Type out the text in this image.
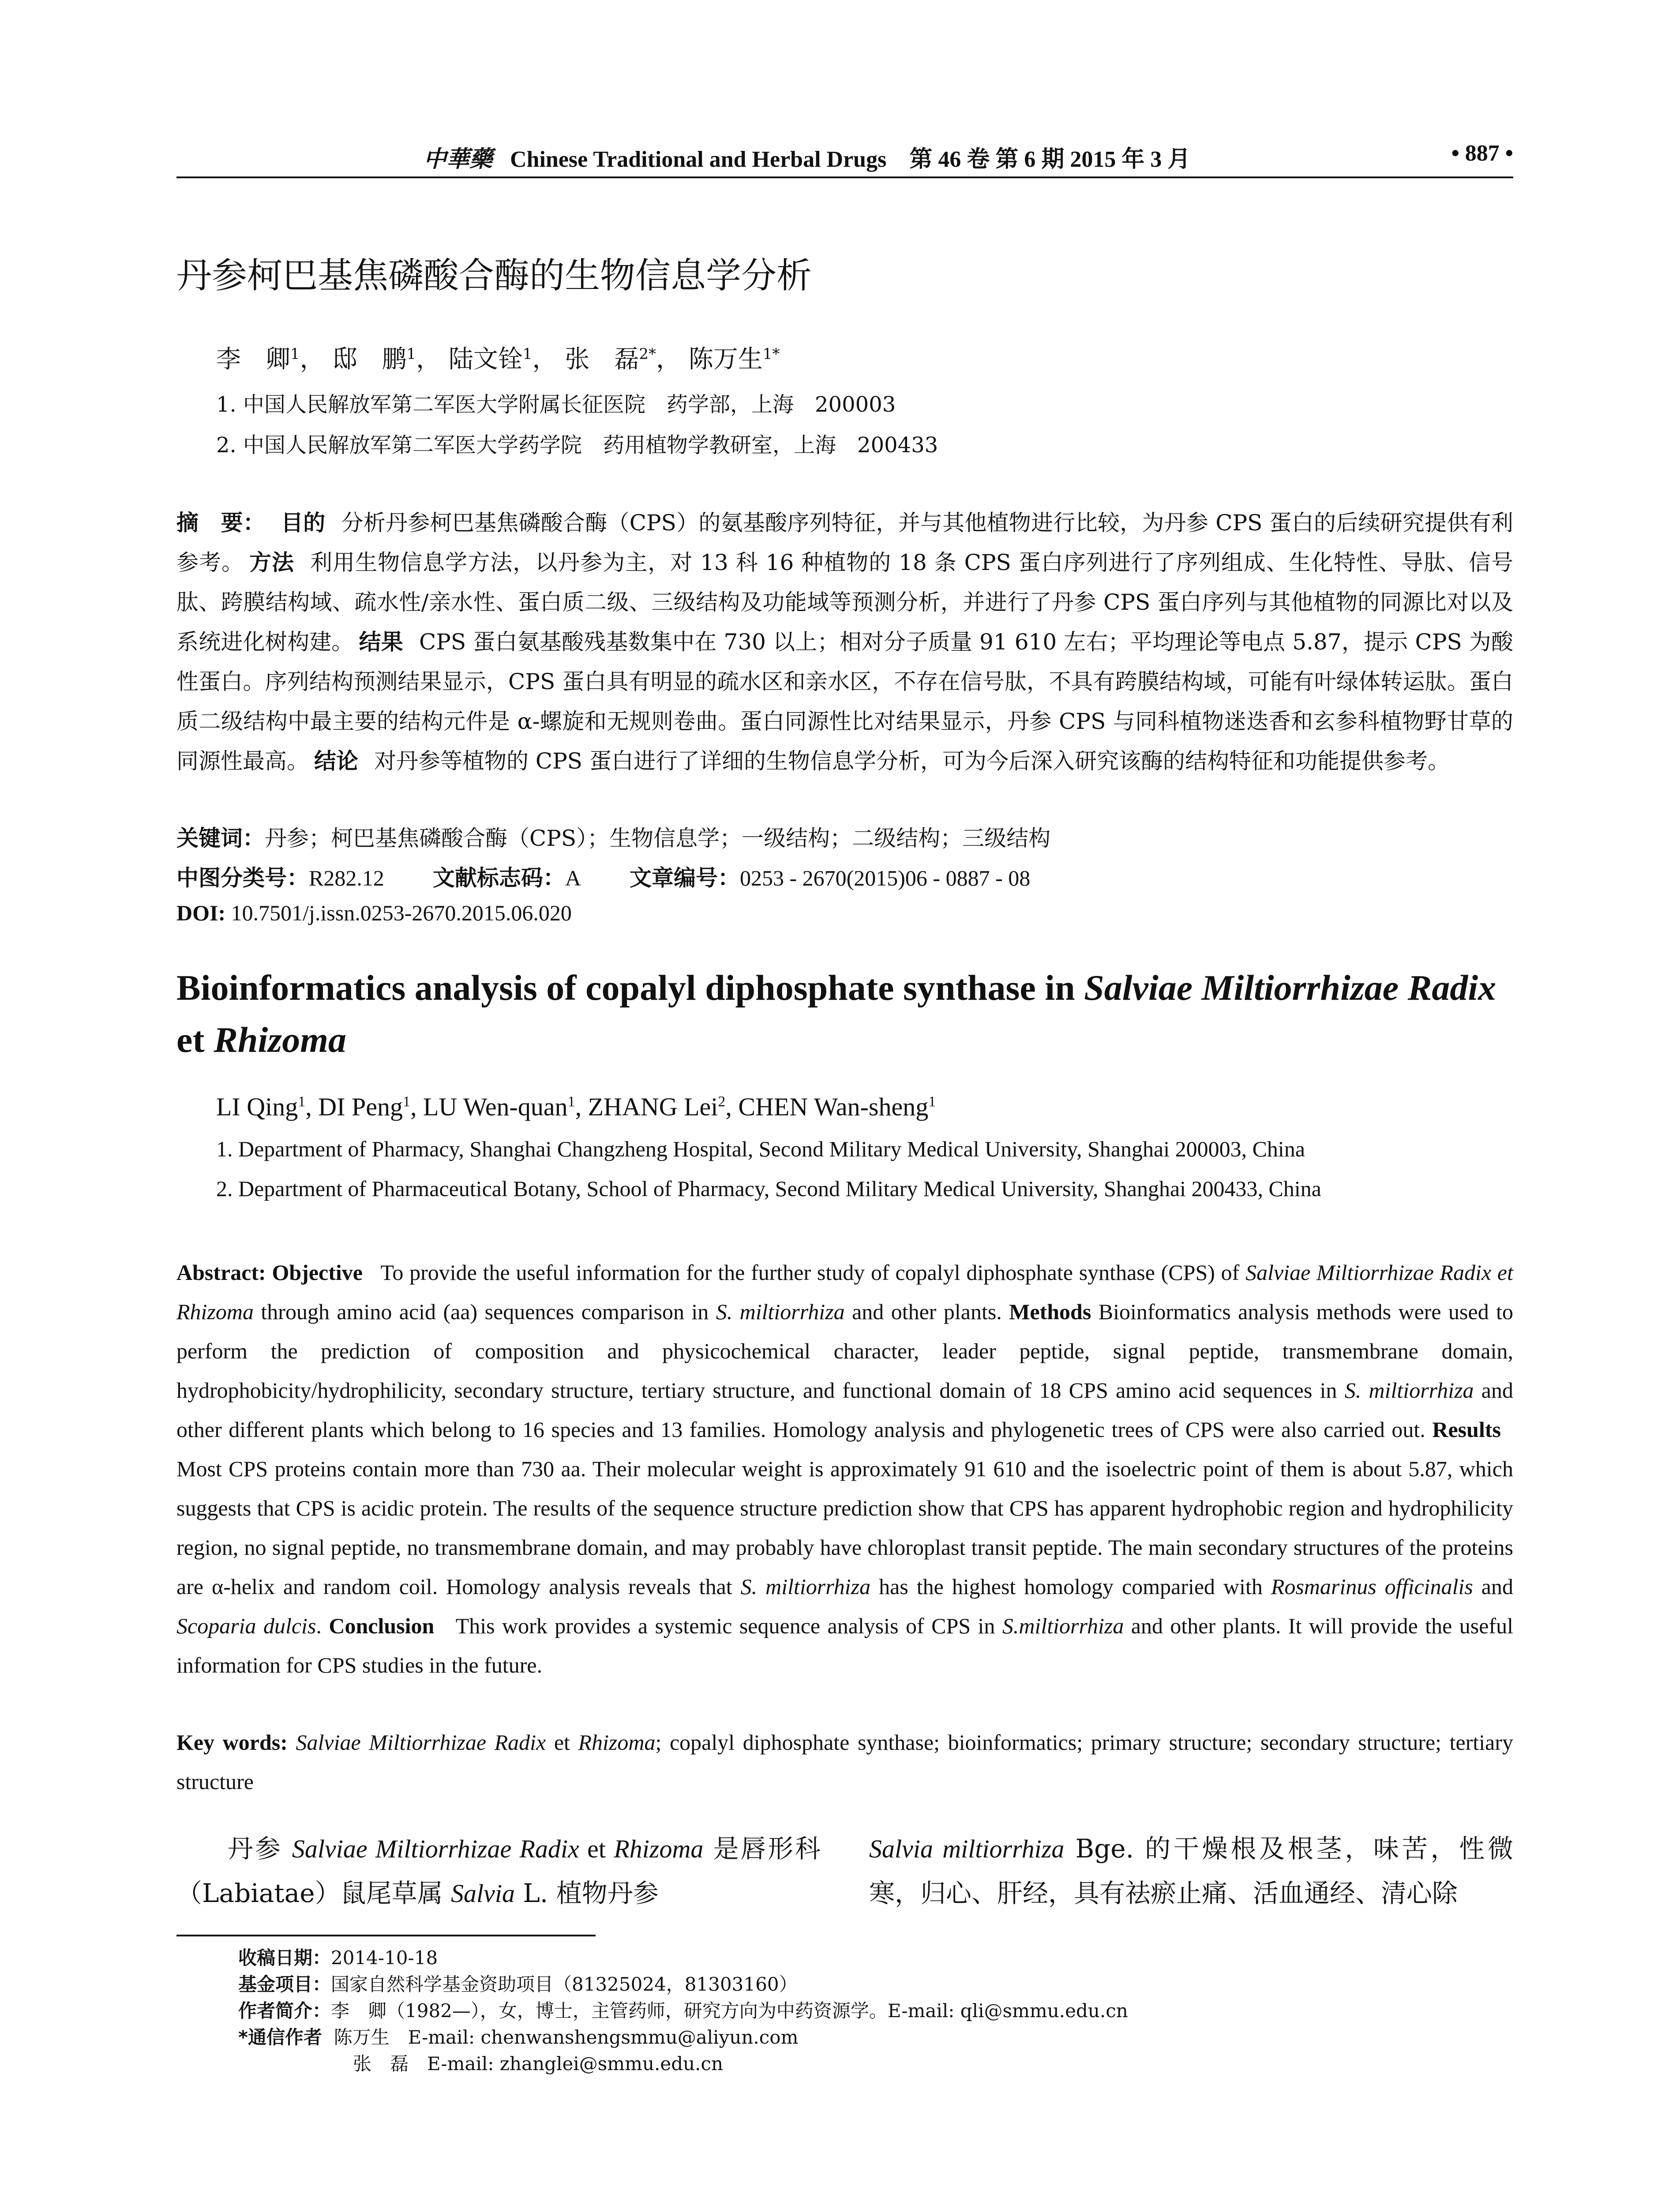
中華藥 Chinese Traditional and Herbal Drugs　第 46 卷 第 6 期 2015 年 3 月	• 887 •
丹参柯巴基焦磷酸合酶的生物信息学分析
李　卿$^1$， 邸　鹏$^1$， 陆文铨$^1$， 张　磊$^{2*}$， 陈万生$^{1*}$
1. 中国人民解放军第二军医大学附属长征医院　药学部，上海　200003
2. 中国人民解放军第二军医大学药学院　药用植物学教研室，上海　200433
摘　要： 目的 分析丹参柯巴基焦磷酸合酶（CPS）的氨基酸序列特征，并与其他植物进行比较，为丹参 CPS 蛋白的后续研究提供有利参考。 方法 利用生物信息学方法，以丹参为主，对 13 科 16 种植物的 18 条 CPS 蛋白序列进行了序列组成、生化特性、导肽、信号肽、跨膜结构域、疏水性/亲水性、蛋白质二级、三级结构及功能域等预测分析，并进行了丹参 CPS 蛋白序列与其他植物的同源比对以及系统进化树构建。 结果 CPS 蛋白氨基酸残基数集中在 730 以上；相对分子质量 91 610 左右；平均理论等电点 5.87，提示 CPS 为酸性蛋白。序列结构预测结果显示，CPS 蛋白具有明显的疏水区和亲水区，不存在信号肽，不具有跨膜结构域，可能有叶绿体转运肽。蛋白质二级结构中最主要的结构元件是 α-螺旋和无规则卷曲。蛋白同源性比对结果显示，丹参 CPS 与同科植物迷迭香和玄参科植物野甘草的同源性最高。 结论 对丹参等植物的 CPS 蛋白进行了详细的生物信息学分析，可为今后深入研究该酶的结构特征和功能提供参考。
关键词：丹参；柯巴基焦磷酸合酶（CPS）；生物信息学；一级结构；二级结构；三级结构
中图分类号：R282.12 文献标志码：A 文章编号：0253 - 2670(2015)06 - 0887 - 08
DOI: 10.7501/j.issn.0253-2670.2015.06.020
Bioinformatics analysis of copalyl diphosphate synthase in Salviae Miltiorrhizae Radix et Rhizoma
LI Qing$^1$, DI Peng$^1$, LU Wen-quan$^1$, ZHANG Lei$^2$, CHEN Wan-sheng$^1$
1. Department of Pharmacy, Shanghai Changzheng Hospital, Second Military Medical University, Shanghai 200003, China
2. Department of Pharmaceutical Botany, School of Pharmacy, Second Military Medical University, Shanghai 200433, China
Abstract: Objective To provide the useful information for the further study of copalyl diphosphate synthase (CPS) of Salviae Miltiorrhizae Radix et Rhizoma through amino acid (aa) sequences comparison in S. miltiorrhiza and other plants. Methods Bioinformatics analysis methods were used to perform the prediction of composition and physicochemical character, leader peptide, signal peptide, transmembrane domain, hydrophobicity/hydrophilicity, secondary structure, tertiary structure, and functional domain of 18 CPS amino acid sequences in S. miltiorrhiza and other different plants which belong to 16 species and 13 families. Homology analysis and phylogenetic trees of CPS were also carried out. Results   Most CPS proteins contain more than 730 aa. Their molecular weight is approximately 91 610 and the isoelectric point of them is about 5.87, which suggests that CPS is acidic protein. The results of the sequence structure prediction show that CPS has apparent hydrophobic region and hydrophilicity region, no signal peptide, no transmembrane domain, and may probably have chloroplast transit peptide. The main secondary structures of the proteins are α-helix and random coil. Homology analysis reveals that S. miltiorrhiza has the highest homology comparied with Rosmarinus officinalis and Scoparia dulcis. Conclusion This work provides a systemic sequence analysis of CPS in S.miltiorrhiza and other plants. It will provide the useful information for CPS studies in the future.
Key words: Salviae Miltiorrhizae Radix et Rhizoma; copalyl diphosphate synthase; bioinformatics; primary structure; secondary structure; tertiary structure
丹参 Salviae Miltiorrhizae Radix et Rhizoma 是唇形科（Labiatae）鼠尾草属 Salvia L. 植物丹参
Salvia miltiorrhiza Bge. 的干燥根及根茎，味苦，性微寒，归心、肝经，具有祛瘀止痛、活血通经、清心除
收稿日期：2014-10-18
基金项目：国家自然科学基金资助项目（81325024，81303160）
作者简介：李　卿（1982—），女，博士，主管药师，研究方向为中药资源学。E-mail: qli@smmu.edu.cn
*通信作者 陈万生　E-mail: chenwanshengsmmu@aliyun.com
张　磊　E-mail: zhanglei@smmu.edu.cn
